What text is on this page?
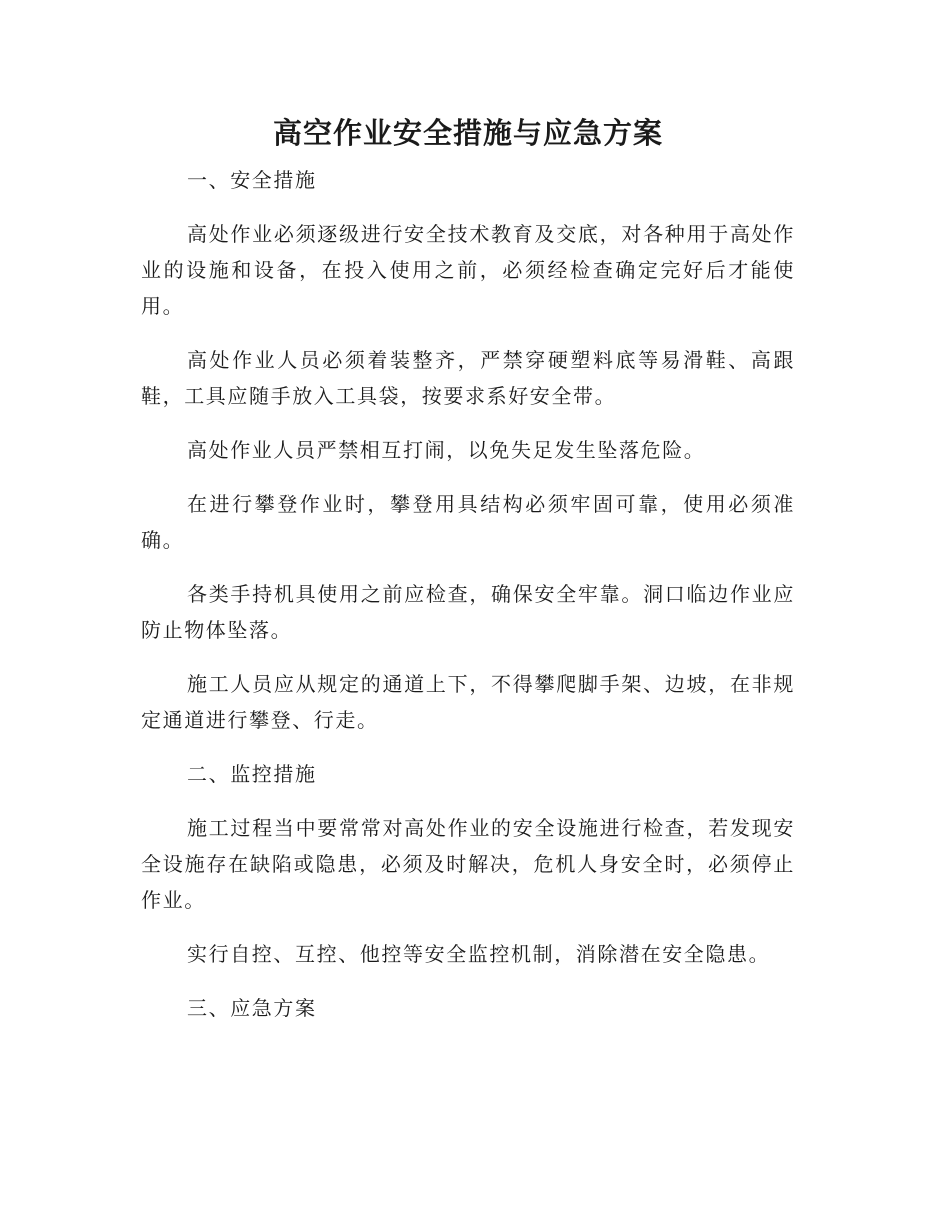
高空作业安全措施与应急方案
一、安全措施

高处作业必须逐级进行安全技术教育及交底，对各种用于高处作业的设施和设备，在投入使用之前，必须经检查确定完好后才能使用。

高处作业人员必须着装整齐，严禁穿硬塑料底等易滑鞋、高跟鞋，工具应随手放入工具袋，按要求系好安全带。

高处作业人员严禁相互打闹，以免失足发生坠落危险。

在进行攀登作业时，攀登用具结构必须牢固可靠，使用必须准确。

各类手持机具使用之前应检查，确保安全牢靠。洞口临边作业应防止物体坠落。

施工人员应从规定的通道上下，不得攀爬脚手架、边坡，在非规定通道进行攀登、行走。

二、监控措施

施工过程当中要常常对高处作业的安全设施进行检查，若发现安全设施存在缺陷或隐患，必须及时解决，危机人身安全时，必须停止作业。

实行自控、互控、他控等安全监控机制，消除潜在安全隐患。

三、应急方案
